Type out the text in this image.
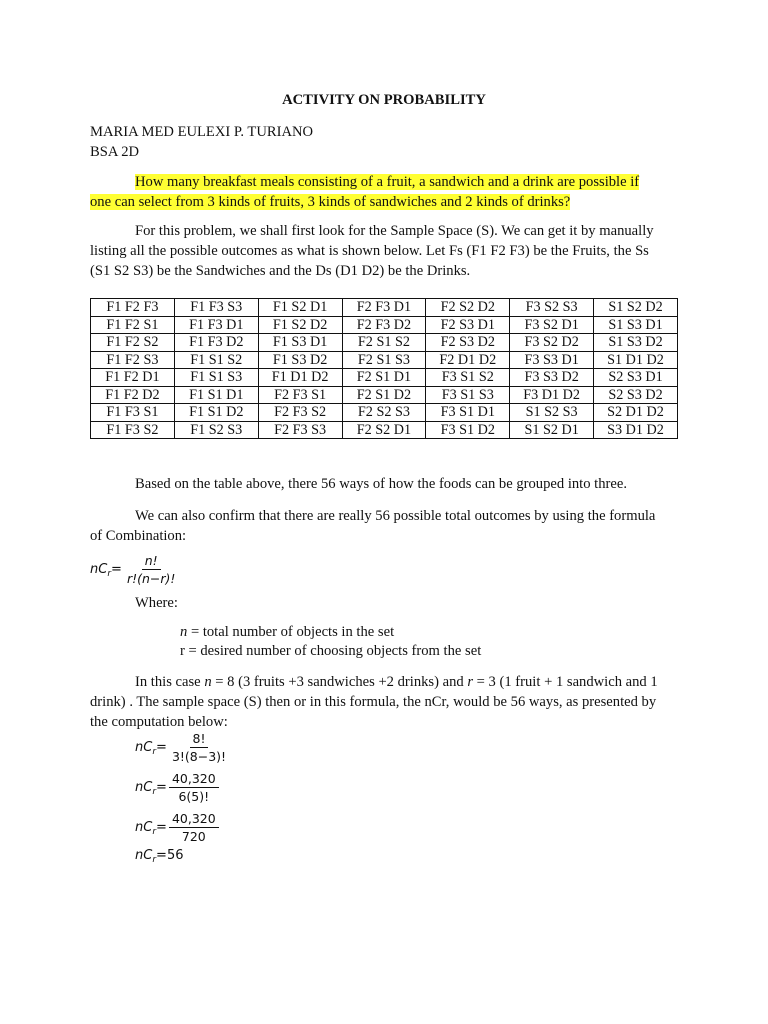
ACTIVITY ON PROBABILITY
MARIA MED EULEXI P. TURIANO
BSA 2D
How many breakfast meals consisting of a fruit, a sandwich and a drink are possible if
one can select from 3 kinds of fruits, 3 kinds of sandwiches and 2 kinds of drinks?
For this problem, we shall first look for the Sample Space (S). We can get it by manually
listing all the possible outcomes as what is shown below. Let Fs (F1 F2 F3) be the Fruits, the Ss
(S1 S2 S3) be the Sandwiches and the Ds (D1 D2) be the Drinks.
F1 F2 F3	F1 F3 S3	F1 S2 D1	F2 F3 D1	F2 S2 D2	F3 S2 S3	S1 S2 D2
F1 F2 S1	F1 F3 D1	F1 S2 D2	F2 F3 D2	F2 S3 D1	F3 S2 D1	S1 S3 D1
F1 F2 S2	F1 F3 D2	F1 S3 D1	F2 S1 S2	F2 S3 D2	F3 S2 D2	S1 S3 D2
F1 F2 S3	F1 S1 S2	F1 S3 D2	F2 S1 S3	F2 D1 D2	F3 S3 D1	S1 D1 D2
F1 F2 D1	F1 S1 S3	F1 D1 D2	F2 S1 D1	F3 S1 S2	F3 S3 D2	S2 S3 D1
F1 F2 D2	F1 S1 D1	F2 F3 S1	F2 S1 D2	F3 S1 S3	F3 D1 D2	S2 S3 D2
F1 F3 S1	F1 S1 D2	F2 F3 S2	F2 S2 S3	F3 S1 D1	S1 S2 S3	S2 D1 D2
F1 F3 S2	F1 S2 S3	F2 F3 S3	F2 S2 D1	F3 S1 D2	S1 S2 D1	S3 D1 D2
Based on the table above, there 56 ways of how the foods can be grouped into three.
We can also confirm that there are really 56 possible total outcomes by using the formula
of Combination:
n C $r = \frac{n!}{r!(n-r)!}$
Where:
n = total number of objects in the set
r = desired number of choosing objects from the set
In this case n = 8 (3 fruits +3 sandwiches +2 drinks) and r = 3 (1 fruit + 1 sandwich and 1
drink) . The sample space (S) then or in this formula, the nCr, would be 56 ways, as presented by
the computation below:
n C $r = \frac{8!}{3!(8-3)!}$
n C $r = \frac{40,320}{6(5)!}$
n C $r = \frac{40,320}{720}$
n C r = 56
